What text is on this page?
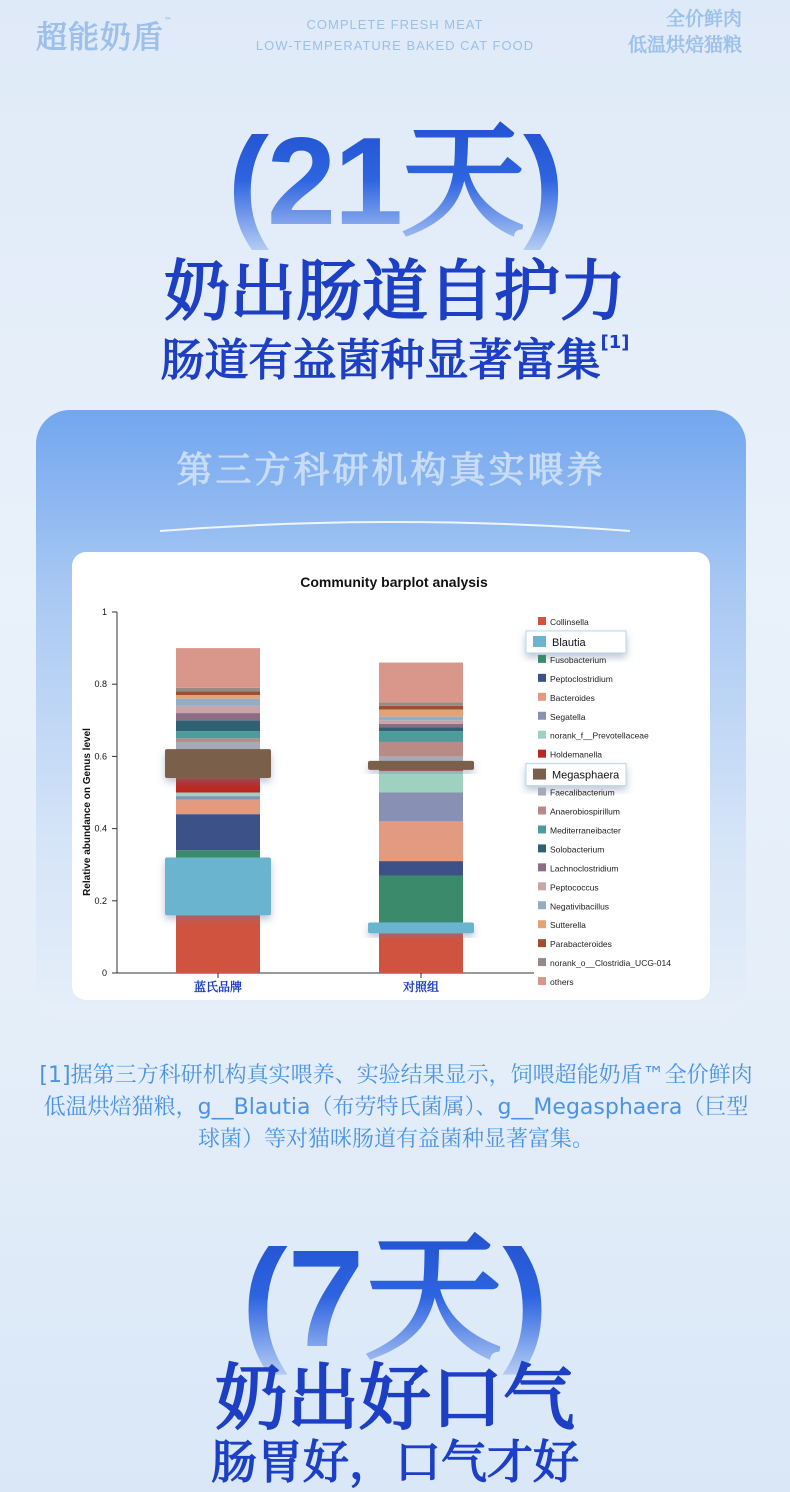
超能奶盾™	COMPLETE FRESH MEAT
LOW-TEMPERATURE BAKED CAT FOOD
全价鲜肉
低温烘焙猫粮
(21天)
奶出肠道自护力
肠道有益菌种显著富集[1]
第三方科研机构真实喂养
Community barplot analysis
Relative abundance on Genus level
0
0.2
0.4
0.6
0.8
1
蓝氏品牌	对照组
Collinsella
Blautia
Fusobacterium
Peptoclostridium
Bacteroides
Segatella
norank_f__Prevotellaceae
Holdemanella
Megasphaera
Faecalibacterium
Anaerobiospirillum
Mediterraneibacter
Solobacterium
Lachnoclostridium
Peptococcus
Negativibacillus
Sutterella
Parabacteroides
norank_o__Clostridia_UCG-014
others
[1]据第三方科研机构真实喂养、实验结果显示，饲喂超能奶盾™全价鲜肉低温烘焙猫粮，g__Blautia（布劳特氏菌属）、g__Megasphaera（巨型球菌）等对猫咪肠道有益菌种显著富集。
(7天)
奶出好口气
肠胃好，口气才好
